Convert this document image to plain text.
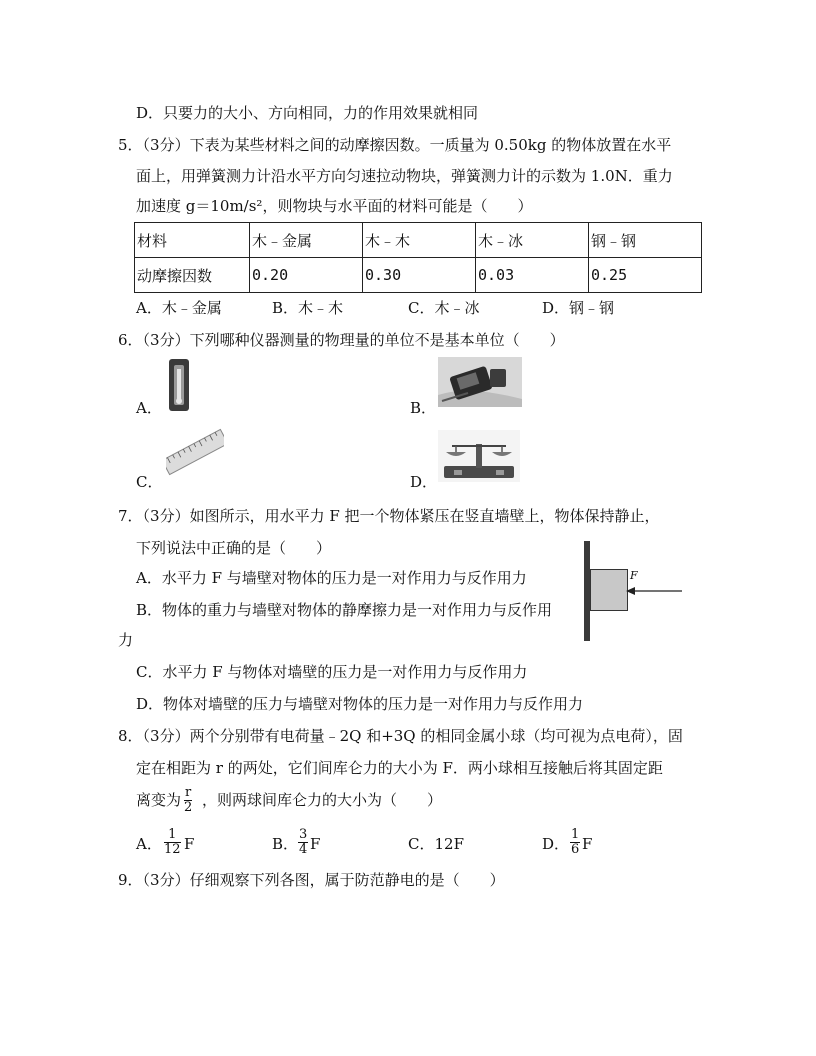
D．只要力的大小、方向相同，力的作用效果就相同
5．（3分）下表为某些材料之间的动摩擦因数。一质量为 0.50kg 的物体放置在水平
面上，用弹簧测力计沿水平方向匀速拉动物块，弹簧测力计的示数为 1.0N．重力
加速度 g＝10m/s²，则物块与水平面的材料可能是（　　）
材料	木﹣金属	木﹣木	木﹣冰	钢﹣钢
动摩擦因数	0.20	0.30	0.03	0.25
A．木﹣金属	B．木﹣木	C．木﹣冰	D．钢﹣钢
6．（3分）下列哪种仪器测量的物理量的单位不是基本单位（　　）
A．	B．
C．	D．
7．（3分）如图所示，用水平力 F 把一个物体紧压在竖直墙壁上，物体保持静止，
下列说法中正确的是（　　）
A．水平力 F 与墙壁对物体的压力是一对作用力与反作用力
B．物体的重力与墙壁对物体的静摩擦力是一对作用力与反作用
力
C．水平力 F 与物体对墙壁的压力是一对作用力与反作用力
D．物体对墙壁的压力与墙壁对物体的压力是一对作用力与反作用力
F
8．（3分）两个分别带有电荷量﹣2Q 和+3Q 的相同金属小球（均可视为点电荷），固
定在相距为 r 的两处，它们间库仑力的大小为 F．两小球相互接触后将其固定距
离变为 $\frac{r}{2}$ ，则两球间库仑力的大小为（　　）
A． $\frac{1}{12}$ F	B． $\frac{3}{4}$ F	C．12F	D． $\frac{1}{6}$ F
9．（3分）仔细观察下列各图，属于防范静电的是（　　）
